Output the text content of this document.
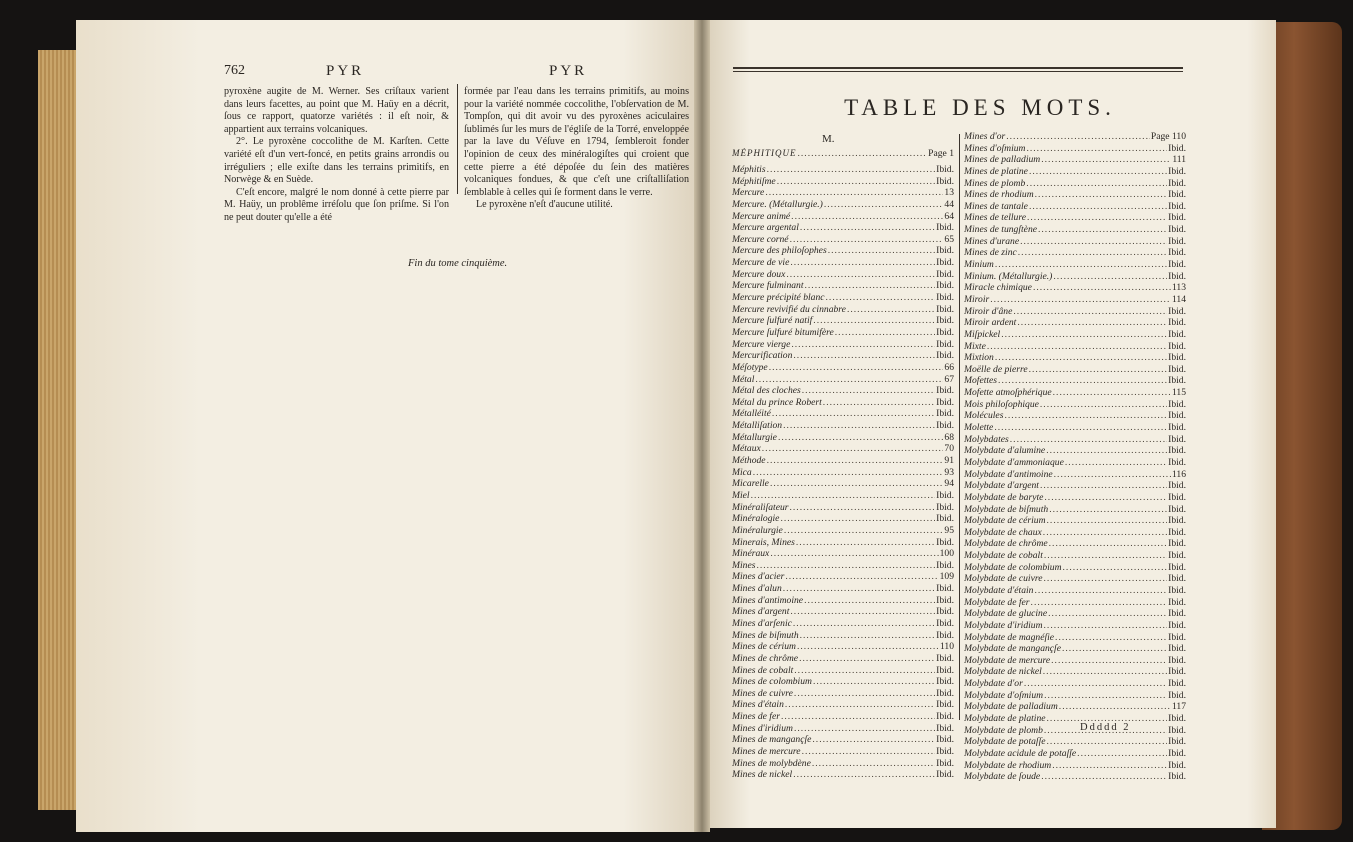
762	PYR	PYR

pyroxène augite de M. Werner. Ses criſtaux varient dans leurs facettes, au point que M. Haüy en a décrit, ſous ce rapport, quatorze variétés : il eſt noir, & appartient aux terrains volcaniques.

2°. Le pyroxène coccolithe de M. Karſten. Cette variété eſt d'un vert-foncé, en petits grains arrondis ou irréguliers ; elle exiſte dans les terrains primitifs, en Norwège & en Suède.

C'eſt encore, malgré le nom donné à cette pierre par M. Haüy, un problême irréſolu que ſon priſme. Si l'on ne peut douter qu'elle a été

formée par l'eau dans les terrains primitifs, au moins pour la variété nommée coccolithe, l'obſervation de M. Tompſon, qui dit avoir vu des pyroxènes aciculaires ſublimés ſur les murs de l'égliſe de la Torré, enveloppée par la lave du Véſuve en 1794, ſembleroit fonder l'opinion de ceux des minéralogiſtes qui croient que cette pierre a été dépoſée du ſein des matières volcaniques fondues, & que c'eſt une criſtalliſation ſemblable à celles qui ſe forment dans le verre.

Le pyroxène n'eſt d'aucune utilité.

Fin du tome cinquième.
TABLE DES MOTS.
M.
MÉPHITIQUE .....	Page 1
Méphitis .....	Ibid.
Méphitiſme .....	Ibid.
Mercure .....	13
Mercure. (Métallurgie.) .....	44
Mercure animé .....	64
Mercure argental .....	Ibid.
Mercure corné .....	65
Mercure des philoſophes .....	Ibid.
Mercure de vie .....	Ibid.
Mercure doux .....	Ibid.
Mercure fulminant .....	Ibid.
Mercure précipité blanc .....	Ibid.
Mercure revivifié du cinnabre .....	Ibid.
Mercure ſulfuré natif .....	Ibid.
Mercure ſulfuré bitumifère .....	Ibid.
Mercure vierge .....	Ibid.
Mercurification .....	Ibid.
Méſotype .....	66
Métal .....	67
Métal des cloches .....	Ibid.
Métal du prince Robert .....	Ibid.
Métalléité .....	Ibid.
Métalliſation .....	Ibid.
Métallurgie .....	68
Métaux .....	70
Méthode .....	91
Mica .....	93
Micarelle .....	94
Miel .....	Ibid.
Minéraliſateur .....	Ibid.
Minéralogie .....	Ibid.
Minéralurgie .....	95
Minerais, Mines .....	Ibid.
Minéraux .....	100
Mines .....	Ibid.
Mines d'acier .....	109
Mines d'alun .....	Ibid.
Mines d'antimoine .....	Ibid.
Mines d'argent .....	Ibid.
Mines d'arſenic .....	Ibid.
Mines de biſmuth .....	Ibid.
Mines de cérium .....	110
Mines de chrôme .....	Ibid.
Mines de cobalt .....	Ibid.
Mines de colombium .....	Ibid.
Mines de cuivre .....	Ibid.
Mines d'étain .....	Ibid.
Mines de fer .....	Ibid.
Mines d'iridium .....	Ibid.
Mines de mangançſe .....	Ibid.
Mines de mercure .....	Ibid.
Mines de molybdène .....	Ibid.
Mines de nickel .....	Ibid.
Mines d'or .....	Page 110
Mines d'oſmium .....	Ibid.
Mines de palladium .....	111
Mines de platine .....	Ibid.
Mines de plomb .....	Ibid.
Mines de rhodium .....	Ibid.
Mines de tantale .....	Ibid.
Mines de tellure .....	Ibid.
Mines de tungſtène .....	Ibid.
Mines d'urane .....	Ibid.
Mines de zinc .....	Ibid.
Minium .....	Ibid.
Minium. (Métallurgie.) .....	Ibid.
Miracle chimique .....	113
Miroir .....	114
Miroir d'âne .....	Ibid.
Miroir ardent .....	Ibid.
Miſpickel .....	Ibid.
Mixte .....	Ibid.
Mixtion .....	Ibid.
Moëlle de pierre .....	Ibid.
Mofettes .....	Ibid.
Mofette atmoſphérique .....	115
Mois philoſophique .....	Ibid.
Molécules .....	Ibid.
Molette .....	Ibid.
Molybdates .....	Ibid.
Molybdate d'alumine .....	Ibid.
Molybdate d'ammoniaque .....	Ibid.
Molybdate d'antimoine .....	116
Molybdate d'argent .....	Ibid.
Molybdate de baryte .....	Ibid.
Molybdate de biſmuth .....	Ibid.
Molybdate de cérium .....	Ibid.
Molybdate de chaux .....	Ibid.
Molybdate de chrôme .....	Ibid.
Molybdate de cobalt .....	Ibid.
Molybdate de colombium .....	Ibid.
Molybdate de cuivre .....	Ibid.
Molybdate d'étain .....	Ibid.
Molybdate de fer .....	Ibid.
Molybdate de glucine .....	Ibid.
Molybdate d'iridium .....	Ibid.
Molybdate de magnéſie .....	Ibid.
Molybdate de mangançſe .....	Ibid.
Molybdate de mercure .....	Ibid.
Molybdate de nickel .....	Ibid.
Molybdate d'or .....	Ibid.
Molybdate d'oſmium .....	Ibid.
Molybdate de palladium .....	117
Molybdate de platine .....	Ibid.
Molybdate de plomb .....	Ibid.
Molybdate de potaſſe .....	Ibid.
Molybdate acidule de potaſſe .....	Ibid.
Molybdate de rhodium .....	Ibid.
Molybdate de ſoude .....	Ibid.
Ddddd 2
